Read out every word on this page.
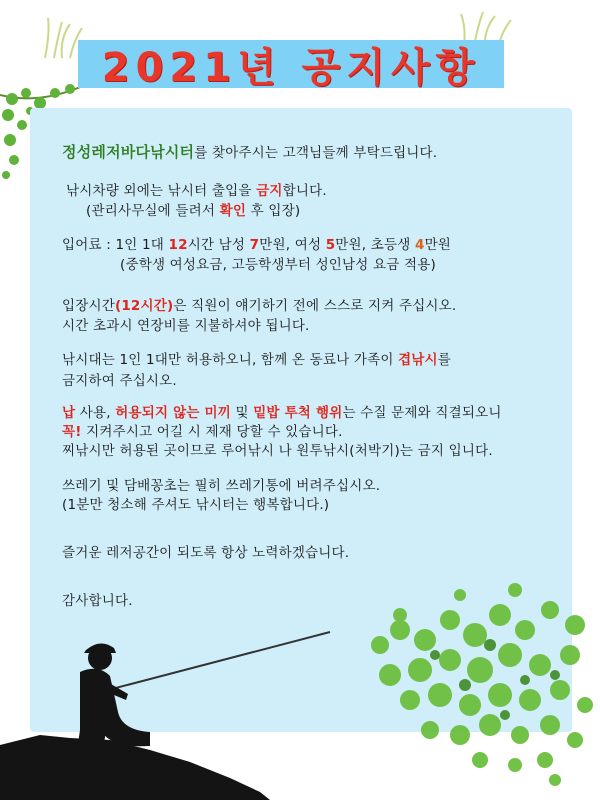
2021년 공지사항
정성레저바다낚시터를 찾아주시는 고객님들께 부탁드립니다.
낚시차량 외에는 낚시터 출입을 금지합니다.
(관리사무실에 들려서 확인 후 입장)
입어료 : 1인 1대 12시간 남성 7만원, 여성 5만원, 초등생 4만원
(중학생 여성요금, 고등학생부터 성인남성 요금 적용)
입장시간(12시간)은 직원이 얘기하기 전에 스스로 지켜 주십시오.
시간 초과시 연장비를 지불하셔야 됩니다.
낚시대는 1인 1대만 허용하오니, 함께 온 동료나 가족이 겹낚시를
금지하여 주십시오.
납 사용, 허용되지 않는 미끼 및 밑밥 투척 행위는 수질 문제와 직결되오니
꼭! 지켜주시고 어길 시 제재 당할 수 있습니다.
찌낚시만 허용된 곳이므로 루어낚시 나 원투낚시(처박기)는 금지 입니다.
쓰레기 및 담배꽁초는 필히 쓰레기통에 버려주십시오.
(1분만 청소해 주셔도 낚시터는 행복합니다.)
즐거운 레저공간이 되도록 항상 노력하겠습니다.
감사합니다.
